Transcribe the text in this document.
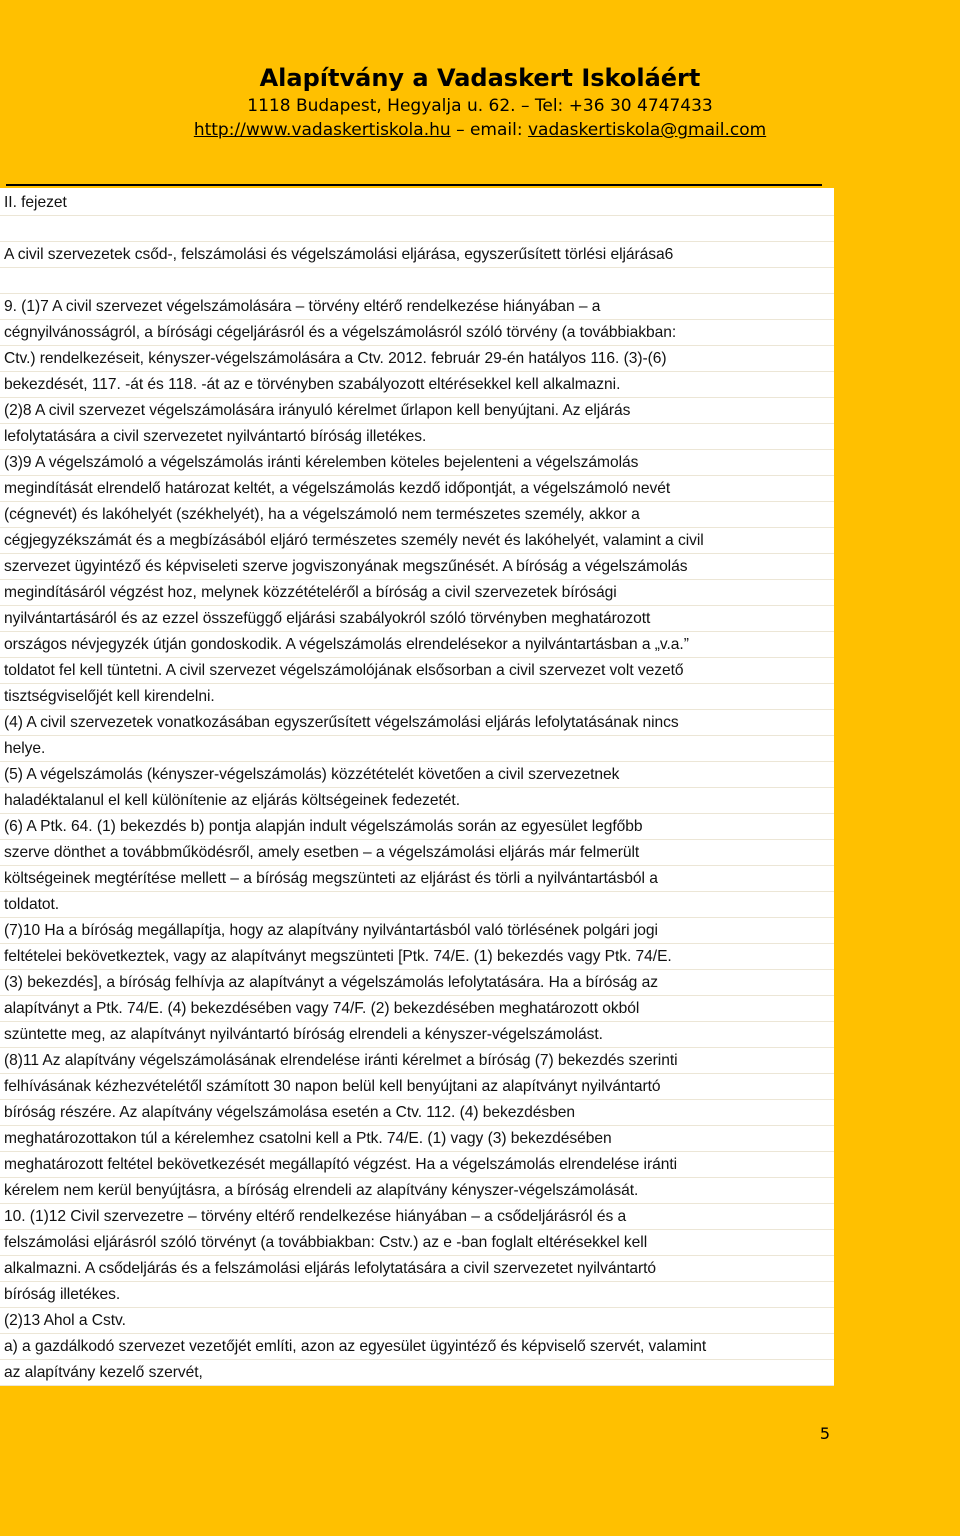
Alapítvány a Vadaskert Iskoláért
1118 Budapest, Hegyalja u. 62. – Tel: +36 30 4747433
http://www.vadaskertiskola.hu – email: vadaskertiskola@gmail.com
II. fejezet
A civil szervezetek csőd-, felszámolási és végelszámolási eljárása, egyszerűsített törlési eljárása6
9. (1)7 A civil szervezet végelszámolására – törvény eltérő rendelkezése hiányában – a
cégnyilvánosságról, a bírósági cégeljárásról és a végelszámolásról szóló törvény (a továbbiakban:
Ctv.) rendelkezéseit, kényszer-végelszámolására a Ctv. 2012. február 29-én hatályos 116. (3)-(6)
bekezdését, 117. -át és 118. -át az e törvényben szabályozott eltérésekkel kell alkalmazni.
(2)8 A civil szervezet végelszámolására irányuló kérelmet űrlapon kell benyújtani. Az eljárás
lefolytatására a civil szervezetet nyilvántartó bíróság illetékes.
(3)9 A végelszámoló a végelszámolás iránti kérelemben köteles bejelenteni a végelszámolás
megindítását elrendelő határozat keltét, a végelszámolás kezdő időpontját, a végelszámoló nevét
(cégnevét) és lakóhelyét (székhelyét), ha a végelszámoló nem természetes személy, akkor a
cégjegyzékszámát és a megbízásából eljáró természetes személy nevét és lakóhelyét, valamint a civil
szervezet ügyintéző és képviseleti szerve jogviszonyának megszűnését. A bíróság a végelszámolás
megindításáról végzést hoz, melynek közzétételéről a bíróság a civil szervezetek bírósági
nyilvántartásáról és az ezzel összefüggő eljárási szabályokról szóló törvényben meghatározott
országos névjegyzék útján gondoskodik. A végelszámolás elrendelésekor a nyilvántartásban a „v.a.”
toldatot fel kell tüntetni. A civil szervezet végelszámolójának elsősorban a civil szervezet volt vezető
tisztségviselőjét kell kirendelni.
(4) A civil szervezetek vonatkozásában egyszerűsített végelszámolási eljárás lefolytatásának nincs
helye.
(5) A végelszámolás (kényszer-végelszámolás) közzétételét követően a civil szervezetnek
haladéktalanul el kell különítenie az eljárás költségeinek fedezetét.
(6) A Ptk. 64. (1) bekezdés b) pontja alapján indult végelszámolás során az egyesület legfőbb
szerve dönthet a továbbműködésről, amely esetben – a végelszámolási eljárás már felmerült
költségeinek megtérítése mellett – a bíróság megszünteti az eljárást és törli a nyilvántartásból a
toldatot.
(7)10 Ha a bíróság megállapítja, hogy az alapítvány nyilvántartásból való törlésének polgári jogi
feltételei bekövetkeztek, vagy az alapítványt megszünteti [Ptk. 74/E. (1) bekezdés vagy Ptk. 74/E.
(3) bekezdés], a bíróság felhívja az alapítványt a végelszámolás lefolytatására. Ha a bíróság az
alapítványt a Ptk. 74/E. (4) bekezdésében vagy 74/F. (2) bekezdésében meghatározott okból
szüntette meg, az alapítványt nyilvántartó bíróság elrendeli a kényszer-végelszámolást.
(8)11 Az alapítvány végelszámolásának elrendelése iránti kérelmet a bíróság (7) bekezdés szerinti
felhívásának kézhezvételétől számított 30 napon belül kell benyújtani az alapítványt nyilvántartó
bíróság részére. Az alapítvány végelszámolása esetén a Ctv. 112. (4) bekezdésben
meghatározottakon túl a kérelemhez csatolni kell a Ptk. 74/E. (1) vagy (3) bekezdésében
meghatározott feltétel bekövetkezését megállapító végzést. Ha a végelszámolás elrendelése iránti
kérelem nem kerül benyújtásra, a bíróság elrendeli az alapítvány kényszer-végelszámolását.
10. (1)12 Civil szervezetre – törvény eltérő rendelkezése hiányában – a csődeljárásról és a
felszámolási eljárásról szóló törvényt (a továbbiakban: Cstv.) az e -ban foglalt eltérésekkel kell
alkalmazni. A csődeljárás és a felszámolási eljárás lefolytatására a civil szervezetet nyilvántartó
bíróság illetékes.
(2)13 Ahol a Cstv.
a) a gazdálkodó szervezet vezetőjét említi, azon az egyesület ügyintéző és képviselő szervét, valamint
az alapítvány kezelő szervét,
5
